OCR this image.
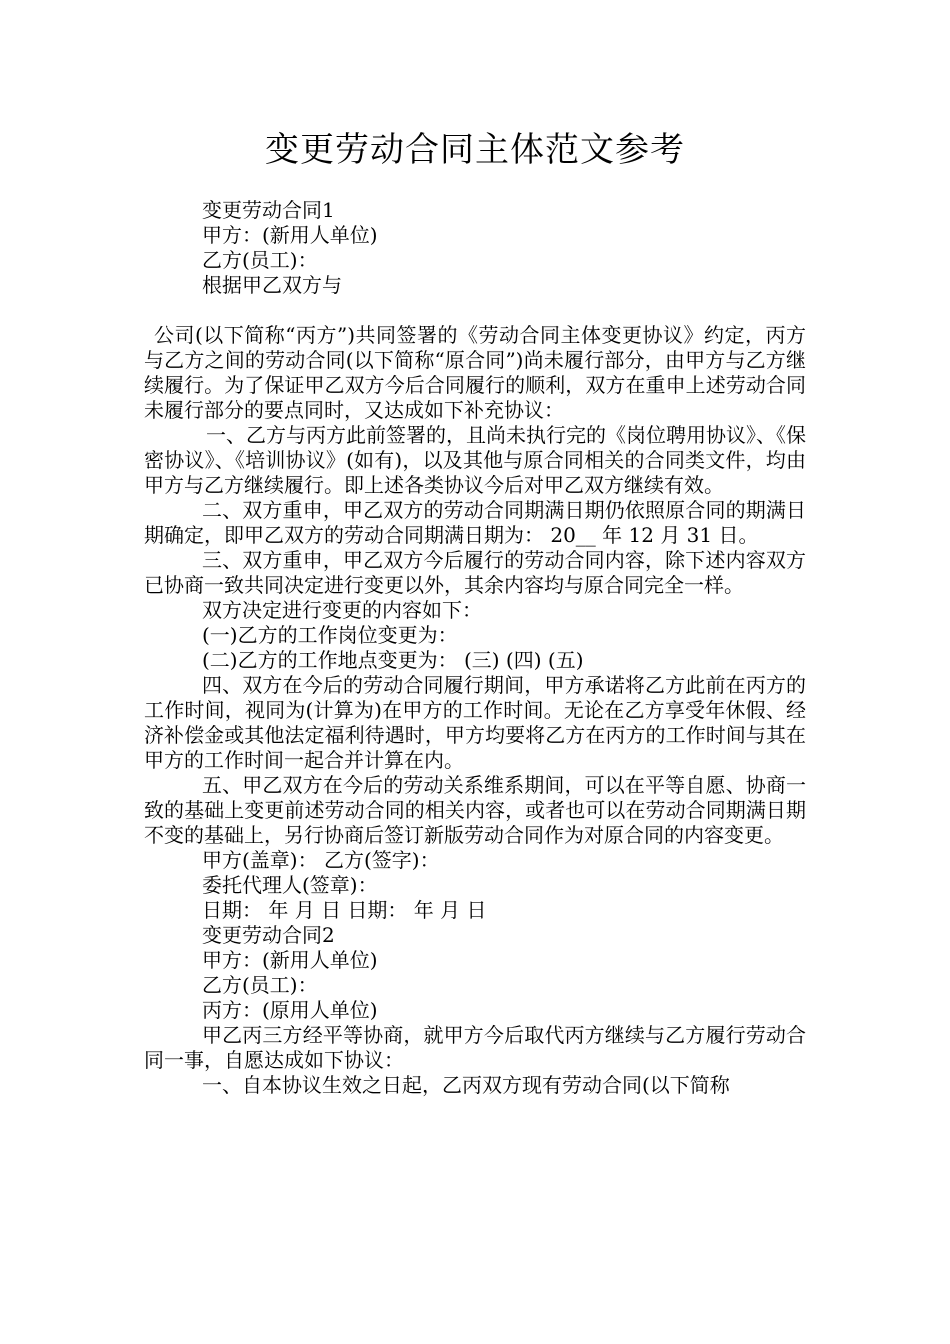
变更劳动合同主体范文参考

变更劳动合同1

甲方：(新用人单位)

乙方(员工)：

根据甲乙双方与

公司(以下简称“丙方”)共同签署的《劳动合同主体变更协议》约定，丙方与乙方之间的劳动合同(以下简称“原合同”)尚未履行部分，由甲方与乙方继续履行。为了保证甲乙双方今后合同履行的顺利，双方在重申上述劳动合同未履行部分的要点同时，又达成如下补充协议：

一、乙方与丙方此前签署的，且尚未执行完的《岗位聘用协议》、《保密协议》、《培训协议》(如有)，以及其他与原合同相关的合同类文件，均由甲方与乙方继续履行。即上述各类协议今后对甲乙双方继续有效。

二、双方重申，甲乙双方的劳动合同期满日期仍依照原合同的期满日期确定，即甲乙双方的劳动合同期满日期为： 20__ 年 12 月 31 日。

三、双方重申，甲乙双方今后履行的劳动合同内容，除下述内容双方已协商一致共同决定进行变更以外，其余内容均与原合同完全一样。

双方决定进行变更的内容如下：

(一)乙方的工作岗位变更为：

(二)乙方的工作地点变更为： (三) (四) (五)

四、双方在今后的劳动合同履行期间，甲方承诺将乙方此前在丙方的工作时间，视同为(计算为)在甲方的工作时间。无论在乙方享受年休假、经济补偿金或其他法定福利待遇时，甲方均要将乙方在丙方的工作时间与其在甲方的工作时间一起合并计算在内。

五、甲乙双方在今后的劳动关系维系期间，可以在平等自愿、协商一致的基础上变更前述劳动合同的相关内容，或者也可以在劳动合同期满日期不变的基础上，另行协商后签订新版劳动合同作为对原合同的内容变更。

甲方(盖章)： 乙方(签字)：

委托代理人(签章)：

日期： 年 月 日 日期： 年 月 日

变更劳动合同2

甲方：(新用人单位)

乙方(员工)：

丙方：(原用人单位)

甲乙丙三方经平等协商，就甲方今后取代丙方继续与乙方履行劳动合同一事，自愿达成如下协议：

一、自本协议生效之日起，乙丙双方现有劳动合同(以下简称
